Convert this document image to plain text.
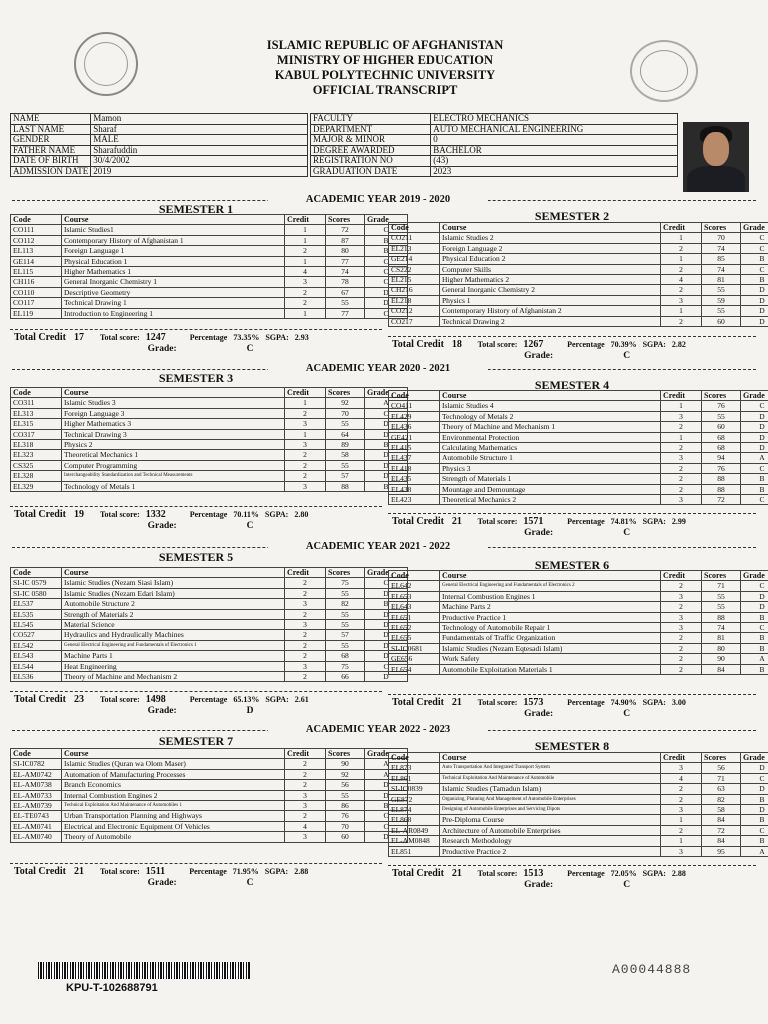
ISLAMIC REPUBLIC OF AFGHANISTAN
MINISTRY OF HIGHER EDUCATION
KABUL POLYTECHNIC UNIVERSITY
OFFICIAL TRANSCRIPT
NAME	Mamon
LAST NAME	Sharaf
GENDER	MALE
FATHER NAME	Sharafuddin
DATE OF BIRTH	30/4/2002
ADMISSION DATE	2019
FACULTY	ELECTRO MECHANICS
DEPARTMENT	AUTO MECHANICAL ENGINEERING
MAJOR & MINOR	0
DEGREE AWARDED	BACHELOR
REGISTRATION NO	(43)
GRADUATION DATE	2023
ACADEMIC YEAR 2019 - 2020
ACADEMIC YEAR 2020 - 2021
ACADEMIC YEAR 2021 - 2022
ACADEMIC YEAR 2022 - 2023
SEMESTER 1
Code	Course	Credit	Scores	Grade
CO111	Islamic Studies1	1	72	C
CO112	Contemporary History of Afghanistan 1	1	87	B
EL113	Foreign Language 1	2	80	B
GE114	Physical Education 1	1	77	C
EL115	Higher Mathematics 1	4	74	C
CH116	General Inorganic Chemistry 1	3	78	C
CO110	Descriptive Geometry	2	67	D
CO117	Technical Drawing 1	2	55	D
EL119	Introduction to Engineering 1	1	77	C
Total Credit 17 Total score: 1247	Percentage 73.35% SGPA: 2.93
Grade:	C
SEMESTER 2
Code	Course	Credit	Scores	Grade
CO211	Islamic Studies 2	1	70	C
EL213	Foreign Language 2	2	74	C
GE214	Physical Education 2	1	85	B
CS222	Computer Skills	2	74	C
EL215	Higher Mathematics 2	4	81	B
CH216	General Inorganic Chemistry 2	2	55	D
EL218	Physics 1	3	59	D
CO212	Contemporary History of Afghanistan 2	1	55	D
CO217	Technical Drawing 2	2	60	D
Total Credit 18 Total score: 1267	Percentage 70.39% SGPA: 2.82
Grade:	C
SEMESTER 3
Code	Course	Credit	Scores	Grade
CO311	Islamic Studies 3	1	92	A
EL313	Foreign Language 3	2	70	C
EL315	Higher Mathematics 3	3	55	D
CO317	Technical Drawing 3	1	64	D
EL318	Physics 2	3	89	B
EL323	Theoretical Mechanics 1	2	58	D
CS325	Computer Programming	2	55	D
EL328	Interchangeability Standardization and Technical Measurements	2	57	D
EL329	Technology of Metals 1	3	88	B
Total Credit 19 Total score: 1332	Percentage 70.11% SGPA: 2.80
Grade:	C
SEMESTER 4
Code	Course	Credit	Scores	Grade
CO411	Islamic Studies 4	1	76	C
EL429	Technology of Metals 2	3	55	D
EL436	Theory of Machine and Mechanism 1	2	60	D
GE421	Environmental Protection	1	68	D
EL415	Calculating Mathematics	2	68	D
EL437	Automobile Structure 1	3	94	A
EL418	Physics 3	2	76	C
EL435	Strength of Materials 1	2	88	B
EL438	Mountage and Demountage	2	88	B
EL423	Theoretical Mechanics 2	3	72	C
Total Credit 21 Total score: 1571	Percentage 74.81% SGPA: 2.99
Grade:	C
SEMESTER 5
Code	Course	Credit	Scores	Grade
SI-IC 0579	Islamic Studies (Nezam Siasi Islam)	2	75	C
SI-IC 0580	Islamic Studies (Nezam Edari Islam)	2	55	D
EL537	Automobile Structure 2	3	82	B
EL535	Strength of Materials 2	2	55	D
EL545	Material Science	3	55	D
CO527	Hydraulics and Hydraulically Machines	2	57	D
EL542	General Electrical Engineering and Fundamentals of Electronics 1	2	55	D
EL543	Machine Parts 1	2	68	D
EL544	Heat Engineering	3	75	C
EL536	Theory of Machine and Mechanism 2	2	66	D
Total Credit 23 Total score: 1498	Percentage 65.13% SGPA: 2.61
Grade:	D
SEMESTER 6
Code	Course	Credit	Scores	Grade
EL642	General Electrical Engineering and Fundamentals of Electronics 2	2	71	C
EL653	Internal Combustion Engines 1	3	55	D
EL643	Machine Parts 2	2	55	D
EL651	Productive Practice 1	3	88	B
EL652	Technology of Automobile Repair 1	3	74	C
EL655	Fundamentals of Traffic Organization	2	81	B
SI-IC0681	Islamic Studies (Nezam Eqtesadi Islam)	2	80	B
GE656	Work Safety	2	90	A
EL654	Automobile Exploitation Materials 1	2	84	B
Total Credit 21 Total score: 1573	Percentage 74.90% SGPA: 3.00
Grade:	C
SEMESTER 7
Code	Course	Credit	Scores	Grade
SI-IC0782	Islamic Studies (Quran wa Olom Maser)	2	90	A
EL-AM0742	Automation of Manufacturing Processes	2	92	A
EL-AM0738	Branch Economics	2	56	D
EL-AM0733	Internal Combustion Engines 2	3	55	D
EL-AM0739	Technical Exploitation And Maintenance of Automobiles 1	3	86	B
EL-TE0743	Urban Transportation Planning and Highways	2	76	C
EL-AM0741	Electrical and Electronic Equipment Of Vehicles	4	70	C
EL-AM0740	Theory of Automobile	3	60	D
Total Credit 21 Total score: 1511	Percentage 71.95% SGPA: 2.88
Grade:	C
SEMESTER 8
Code	Course	Credit	Scores	Grade
EL873	Auto Transportation And Integrated Transport System	3	56	D
EL861	Technical Exploitation And Maintenance of Automobile	4	71	C
SI-IC0839	Islamic Studies (Tamadun Islam)	2	63	D
GE872	Organizing, Planning And Management of Automobile Enterprises	2	82	B
EL874	Designing of Automobile Enterprises and Servicing Dipots	3	58	D
EL868	Pre-Diploma Course	1	84	B
EL-AR0849	Architecture of Automobile Enterprises	2	72	C
EL-AM0848	Research Methodology	1	84	B
EL851	Productive Practice 2	3	95	A
Total Credit 21 Total score: 1513	Percentage 72.05% SGPA: 2.88
Grade:	C
KPU-T-102688791
A00044888
